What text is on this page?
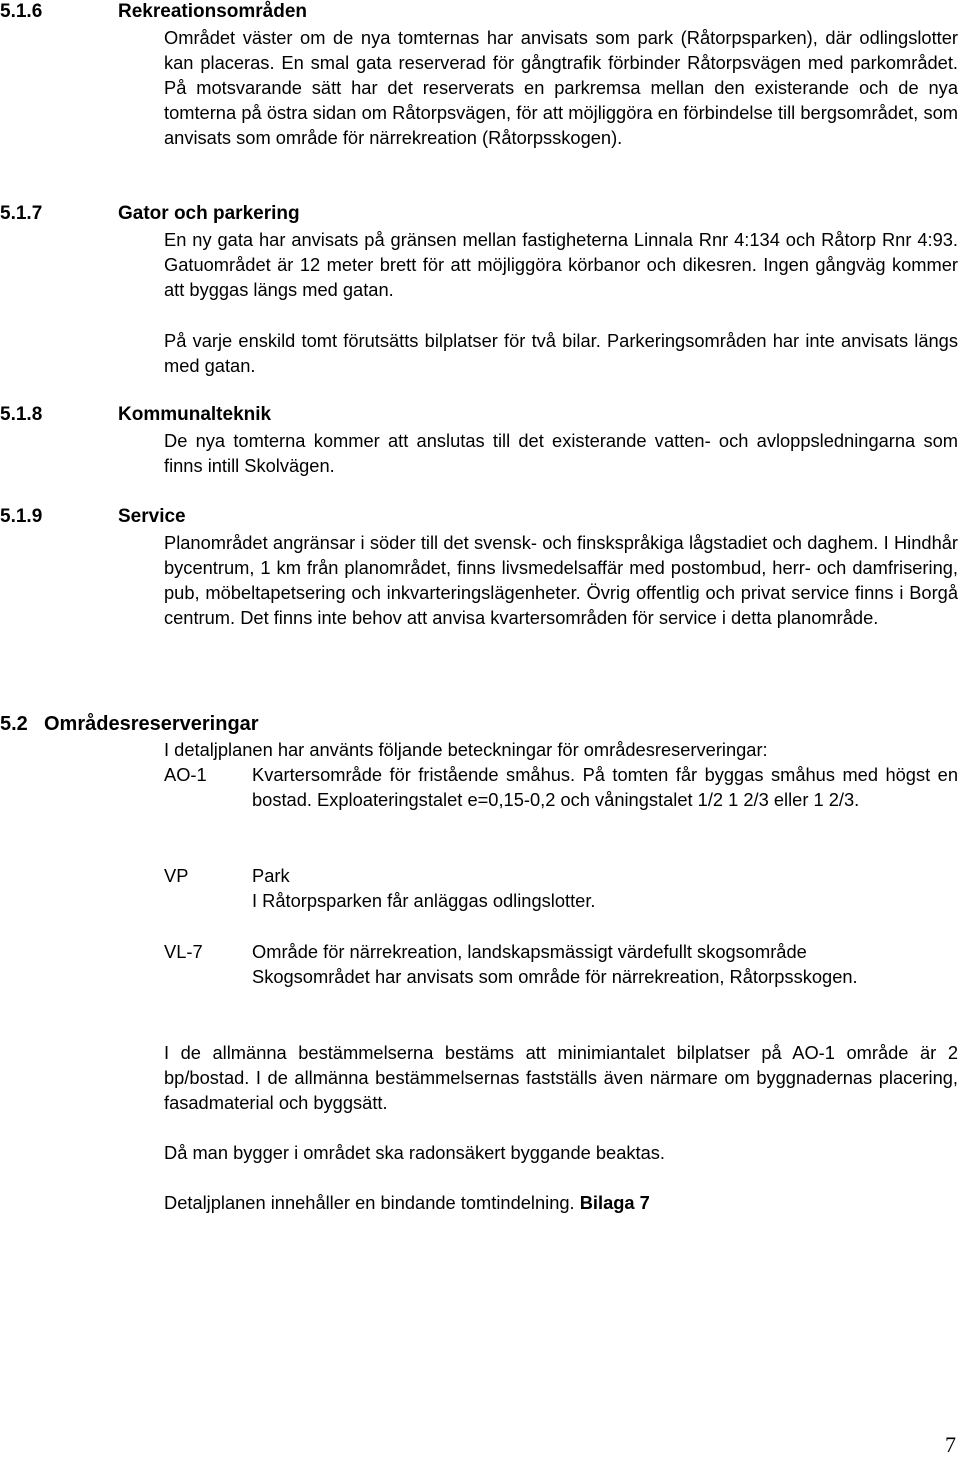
5.1.6	Rekreationsområden
Området väster om de nya tomternas har anvisats som park (Råtorpsparken), där odlingslotter kan placeras. En smal gata reserverad för gångtrafik förbinder Råtorpsvägen med parkområdet. På motsvarande sätt har det reserverats en parkremsa mellan den existerande och de nya tomterna på östra sidan om Råtorpsvägen, för att möjliggöra en förbindelse till bergsområdet, som anvisats som område för närrekreation (Råtorpsskogen).
5.1.7	Gator och parkering
En ny gata har anvisats på gränsen mellan fastigheterna Linnala Rnr 4:134 och Råtorp Rnr 4:93. Gatuområdet är 12 meter brett för att möjliggöra körbanor och dikesren. Ingen gångväg kommer att byggas längs med gatan.
På varje enskild tomt förutsätts bilplatser för två bilar. Parkeringsområden har inte anvisats längs med gatan.
5.1.8	Kommunalteknik
De nya tomterna kommer att anslutas till det existerande vatten- och avloppsledningarna som finns intill Skolvägen.
5.1.9	Service
Planområdet angränsar i söder till det svensk- och finskspråkiga lågstadiet och daghem. I Hindhår bycentrum, 1 km från planområdet, finns livsmedelsaffär med postombud, herr- och damfrisering, pub, möbeltapetsering och inkvarteringslägenheter. Övrig offentlig och privat service finns i Borgå centrum. Det finns inte behov att anvisa kvartersområden för service i detta planområde.
5.2 Områdesreserveringar
I detaljplanen har använts följande beteckningar för områdesreserveringar:
AO-1 Kvartersområde för fristående småhus. På tomten får byggas småhus med högst en bostad. Exploateringstalet e=0,15-0,2 och våningstalet 1/2 1 2/3 eller 1 2/3.
VP	Park
I Råtorpsparken får anläggas odlingslotter.
VL-7	Område för närrekreation, landskapsmässigt värdefullt skogsområde
Skogsområdet har anvisats som område för närrekreation, Råtorpsskogen.
I de allmänna bestämmelserna bestäms att minimiantalet bilplatser på AO-1 område är 2 bp/bostad. I de allmänna bestämmelsernas fastställs även närmare om byggnadernas placering, fasadmaterial och byggsätt.
Då man bygger i området ska radonsäkert byggande beaktas.
Detaljplanen innehåller en bindande tomtindelning. Bilaga 7
7
